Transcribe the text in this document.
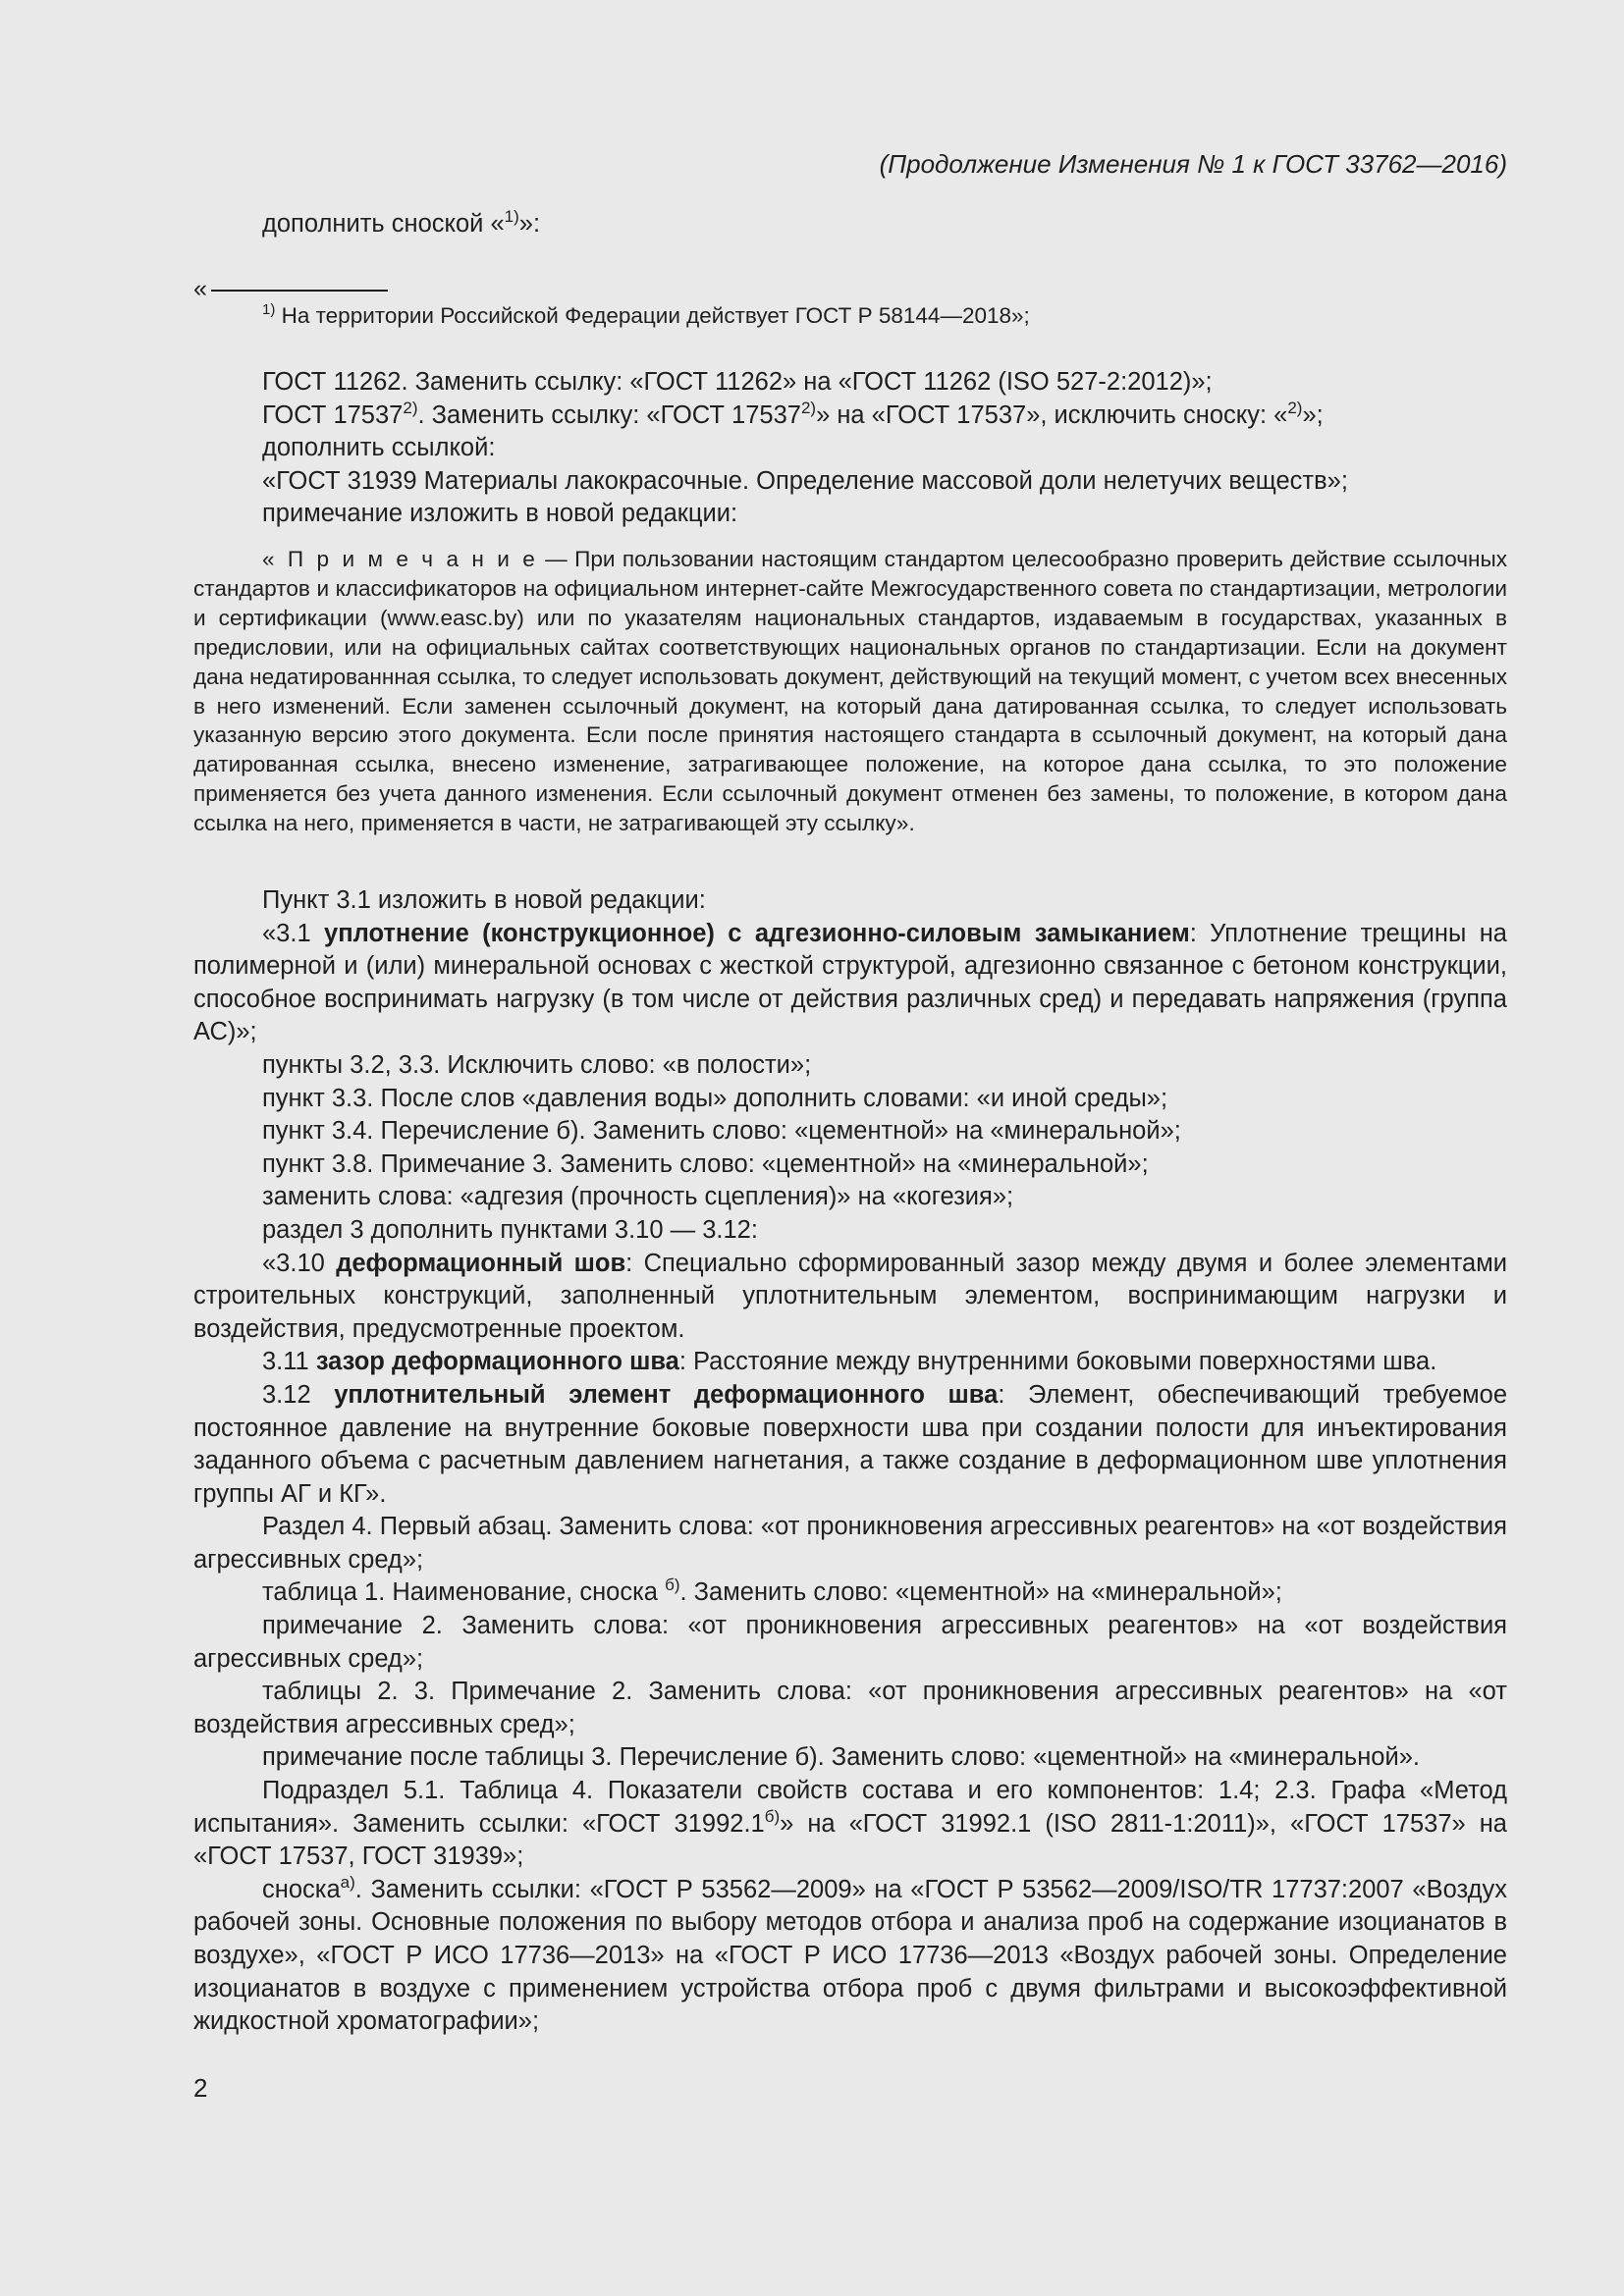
(Продолжение Изменения № 1 к ГОСТ 33762—2016)

дополнить сноской «$^{1)}$»:

«

$^{1)}$ На территории Российской Федерации действует ГОСТ Р 58144—2018»;

ГОСТ 11262. Заменить ссылку: «ГОСТ 11262» на «ГОСТ 11262 (ISO 527-2:2012)»;

ГОСТ 17537$^{2)}$. Заменить ссылку: «ГОСТ 17537$^{2)}$» на «ГОСТ 17537», исключить сноску: «$^{2)}$»;

дополнить ссылкой:

«ГОСТ 31939 Материалы лакокрасочные. Определение массовой доли нелетучих веществ»;

примечание изложить в новой редакции:

« П р и м е ч а н и е — При пользовании настоящим стандартом целесообразно проверить действие ссылочных стандартов и классификаторов на официальном интернет-сайте Межгосударственного совета по стандартизации, метрологии и сертификации (www.easc.by) или по указателям национальных стандартов, издаваемым в государствах, указанных в предисловии, или на официальных сайтах соответствующих национальных органов по стандартизации. Если на документ дана недатированнная ссылка, то следует использовать документ, действующий на текущий момент, с учетом всех внесенных в него изменений. Если заменен ссылочный документ, на который дана датированная ссылка, то следует использовать указанную версию этого документа. Если после принятия настоящего стандарта в ссылочный документ, на который дана датированная ссылка, внесено изменение, затрагивающее положение, на которое дана ссылка, то это положение применяется без учета данного изменения. Если ссылочный документ отменен без замены, то положение, в котором дана ссылка на него, применяется в части, не затрагивающей эту ссылку».

Пункт 3.1 изложить в новой редакции:

«3.1 уплотнение (конструкционное) с адгезионно-силовым замыканием: Уплотнение трещины на полимерной и (или) минеральной основах с жесткой структурой, адгезионно связанное с бетоном конструкции, способное воспринимать нагрузку (в том числе от действия различных сред) и передавать напряжения (группа АС)»;

пункты 3.2, 3.3. Исключить слово: «в полости»;

пункт 3.3. После слов «давления воды» дополнить словами: «и иной среды»;

пункт 3.4. Перечисление б). Заменить слово: «цементной» на «минеральной»;

пункт 3.8. Примечание 3. Заменить слово: «цементной» на «минеральной»;

заменить слова: «адгезия (прочность сцепления)» на «когезия»;

раздел 3 дополнить пунктами 3.10 — 3.12:

«3.10 деформационный шов: Специально сформированный зазор между двумя и более элементами строительных конструкций, заполненный уплотнительным элементом, воспринимающим нагрузки и воздействия, предусмотренные проектом.

3.11 зазор деформационного шва: Расстояние между внутренними боковыми поверхностями шва.

3.12 уплотнительный элемент деформационного шва: Элемент, обеспечивающий требуемое постоянное давление на внутренние боковые поверхности шва при создании полости для инъектирования заданного объема с расчетным давлением нагнетания, а также создание в деформационном шве уплотнения группы АГ и КГ».

Раздел 4. Первый абзац. Заменить слова: «от проникновения агрессивных реагентов» на «от воздействия агрессивных сред»;

таблица 1. Наименование, сноска $^{б)}$. Заменить слово: «цементной» на «минеральной»;

примечание 2. Заменить слова: «от проникновения агрессивных реагентов» на «от воздействия агрессивных сред»;

таблицы 2. 3. Примечание 2. Заменить слова: «от проникновения агрессивных реагентов» на «от воздействия агрессивных сред»;

примечание после таблицы 3. Перечисление б). Заменить слово: «цементной» на «минеральной».

Подраздел 5.1. Таблица 4. Показатели свойств состава и его компонентов: 1.4; 2.3. Графа «Метод испытания». Заменить ссылки: «ГОСТ $31992.1^{б)}$» на «ГОСТ 31992.1 (ISO 2811-1:2011)», «ГОСТ 17537» на «ГОСТ 17537, ГОСТ 31939»;

сноска$^{а)}$. Заменить ссылки: «ГОСТ Р 53562—2009» на «ГОСТ Р 53562—2009/ISO/TR 17737:2007 «Воздух рабочей зоны. Основные положения по выбору методов отбора и анализа проб на содержание изоцианатов в воздухе», «ГОСТ Р ИСО 17736—2013» на «ГОСТ Р ИСО 17736—2013 «Воздух рабочей зоны. Определение изоцианатов в воздухе с применением устройства отбора проб с двумя фильтрами и высокоэффективной жидкостной хроматографии»;

2
